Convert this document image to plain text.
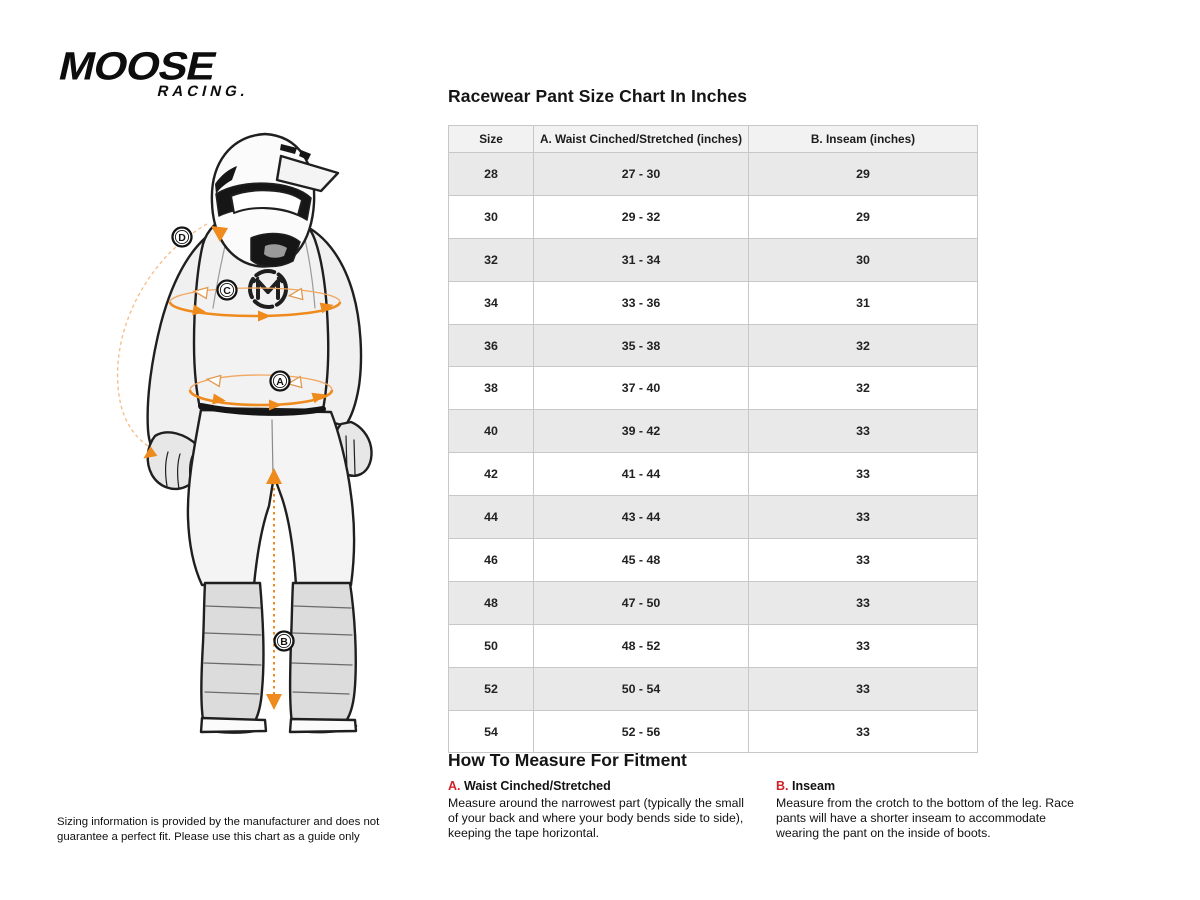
MOOSE
RACING.	Racewear Pant Size Chart In Inches
Size	A. Waist Cinched/Stretched (inches)	B. Inseam (inches)
28	27 - 30	29
30	29 - 32	29
32	31 - 34	30
34	33 - 36	31
36	35 - 38	32
38	37 - 40	32
40	39 - 42	33
42	41 - 44	33
44	43 - 44	33
46	45 - 48	33
48	47 - 50	33
50	48 - 52	33
52	50 - 54	33
54	52 - 56	33
How To Measure For Fitment
A. Waist Cinched/Stretched
Measure around the narrowest part (typically the small of your back and where your body bends side to side), keeping the tape horizontal.
B. Inseam
Measure from the crotch to the bottom of the leg. Race pants will have a shorter inseam to accommodate wearing the pant on the inside of boots.
Sizing information is provided by the manufacturer and does not guarantee a perfect fit. Please use this chart as a guide only
D
C
A
B
